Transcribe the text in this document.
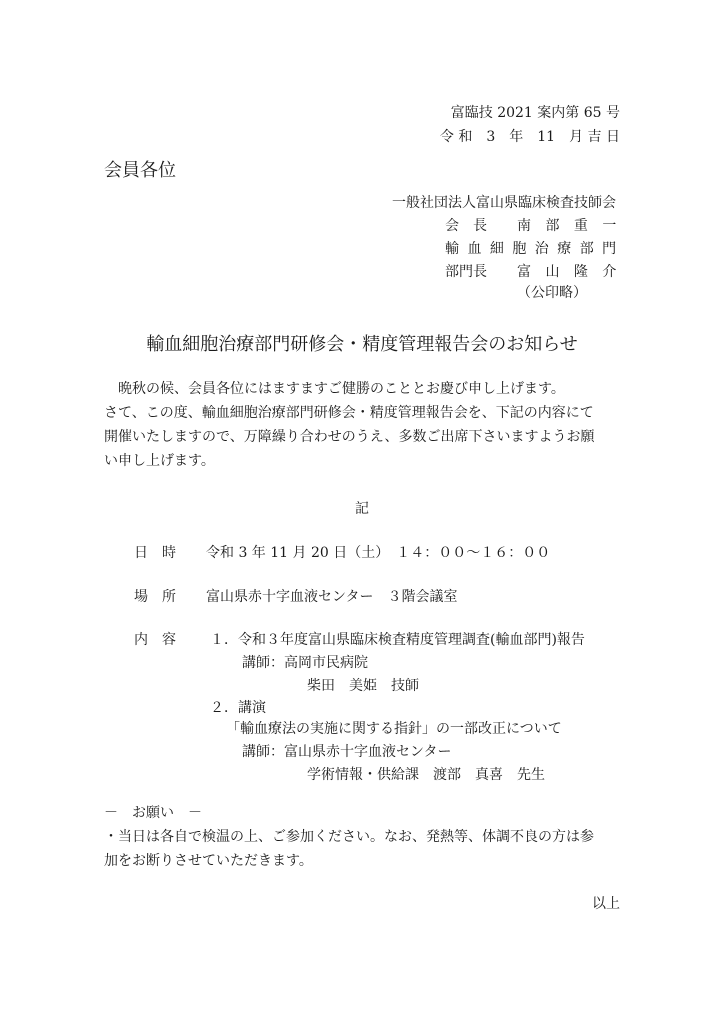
富臨技 2021 案内第 65 号
令 和　3　年　11　月 吉 日
会員各位
一般社団法人富山県臨床検査技師会
会　長 南 部 重 一
輸 血 細 胞 治 療 部 門
部門長 富 山 隆 介
（公印略）
輸血細胞治療部門研修会・精度管理報告会のお知らせ
　晩秋の候、会員各位にはますますご健勝のこととお慶び申し上げます。
さて、この度、輸血細胞治療部門研修会・精度管理報告会を、下記の内容にて
開催いたしますので、万障繰り合わせのうえ、多数ご出席下さいますようお願
い申し上げます。
記
日　時 令和 3 年 11 月 20 日（土）　１４：００～１６：００
場　所 富山県赤十字血液センター　３階会議室
内　容 １．令和３年度富山県臨床検査精度管理調査(輸血部門)報告
講師：高岡市民病院
柴田　美姫　技師
２．講演
「輸血療法の実施に関する指針」の一部改正について
講師：富山県赤十字血液センター
学術情報・供給課　渡部　真喜　先生
－　お願い　－
・当日は各自で検温の上、ご参加ください。なお、発熱等、体調不良の方は参
加をお断りさせていただきます。
以上
